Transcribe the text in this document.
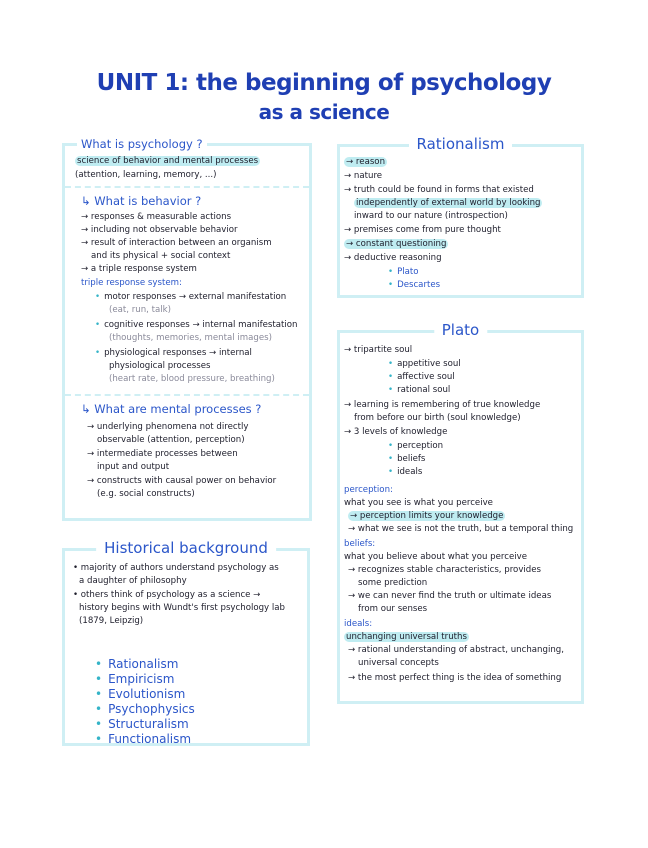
UNIT 1: the beginning of psychology
as a science
What is psychology ?
science of behavior and mental processes
(attention, learning, memory, ...)
↳ What is behavior ?
→ responses & measurable actions
→ including not observable behavior
→ result of interaction between an organism
and its physical + social context
→ a triple response system
triple response system:
• motor responses → external manifestation
(eat, run, talk)
• cognitive responses → internal manifestation
(thoughts, memories, mental images)
• physiological responses → internal
physiological processes
(heart rate, blood pressure, breathing)
↳ What are mental processes ?
→ underlying phenomena not directly
observable (attention, perception)
→ intermediate processes between
input and output
→ constructs with causal power on behavior
(e.g. social constructs)
Historical background
• majority of authors understand psychology as
a daughter of philosophy
• others think of psychology as a science →
history begins with Wundt's first psychology lab
(1879, Leipzig)
• Rationalism
• Empiricism
• Evolutionism
• Psychophysics
• Structuralism
• Functionalism
Rationalism
→ reason
→ nature
→ truth could be found in forms that existed
independently of external world by looking
inward to our nature (introspection)
→ premises come from pure thought
→ constant questioning
→ deductive reasoning
• Plato
• Descartes
Plato
→ tripartite soul
• appetitive soul
• affective soul
• rational soul
→ learning is remembering of true knowledge
from before our birth (soul knowledge)
→ 3 levels of knowledge
• perception
• beliefs
• ideals
perception:
what you see is what you perceive
→ perception limits your knowledge
→ what we see is not the truth, but a temporal thing
beliefs:
what you believe about what you perceive
→ recognizes stable characteristics, provides
some prediction
→ we can never find the truth or ultimate ideas
from our senses
ideals:
unchanging universal truths
→ rational understanding of abstract, unchanging,
universal concepts
→ the most perfect thing is the idea of something
